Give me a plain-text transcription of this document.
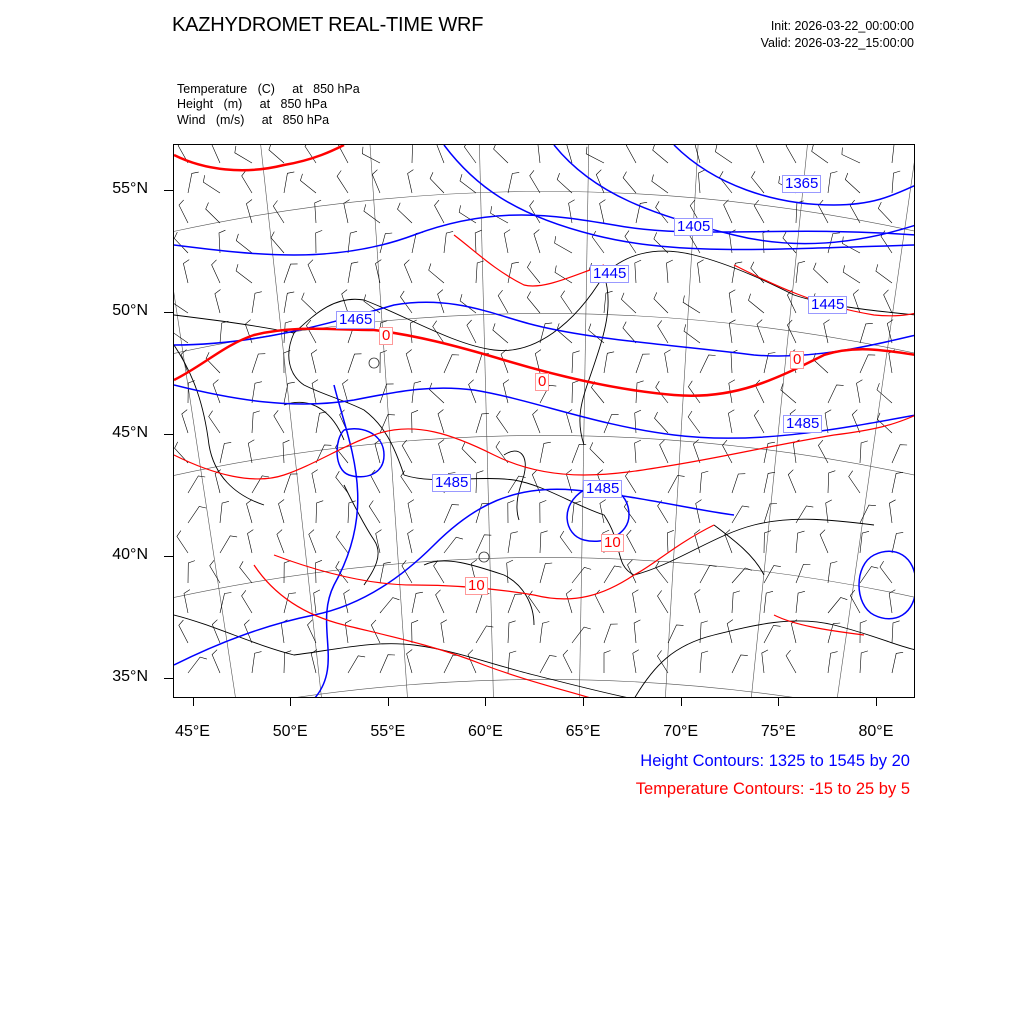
KAZHYDROMET REAL-TIME WRF	Init: 2026-03-22_00:00:00
Valid: 2026-03-22_15:00:00
Temperature   (C)     at   850 hPa
Height   (m)     at   850 hPa
Wind   (m/s)     at   850 hPa
1365
1405
1445
1445
1465
1485
1485	1485
0
0
0
10
10
55°N
50°N
45°N
40°N
35°N
45°E	50°E	55°E	60°E	65°E	70°E	75°E	80°E
Height Contours: 1325 to 1545 by 20
Temperature Contours: -15 to 25 by 5
